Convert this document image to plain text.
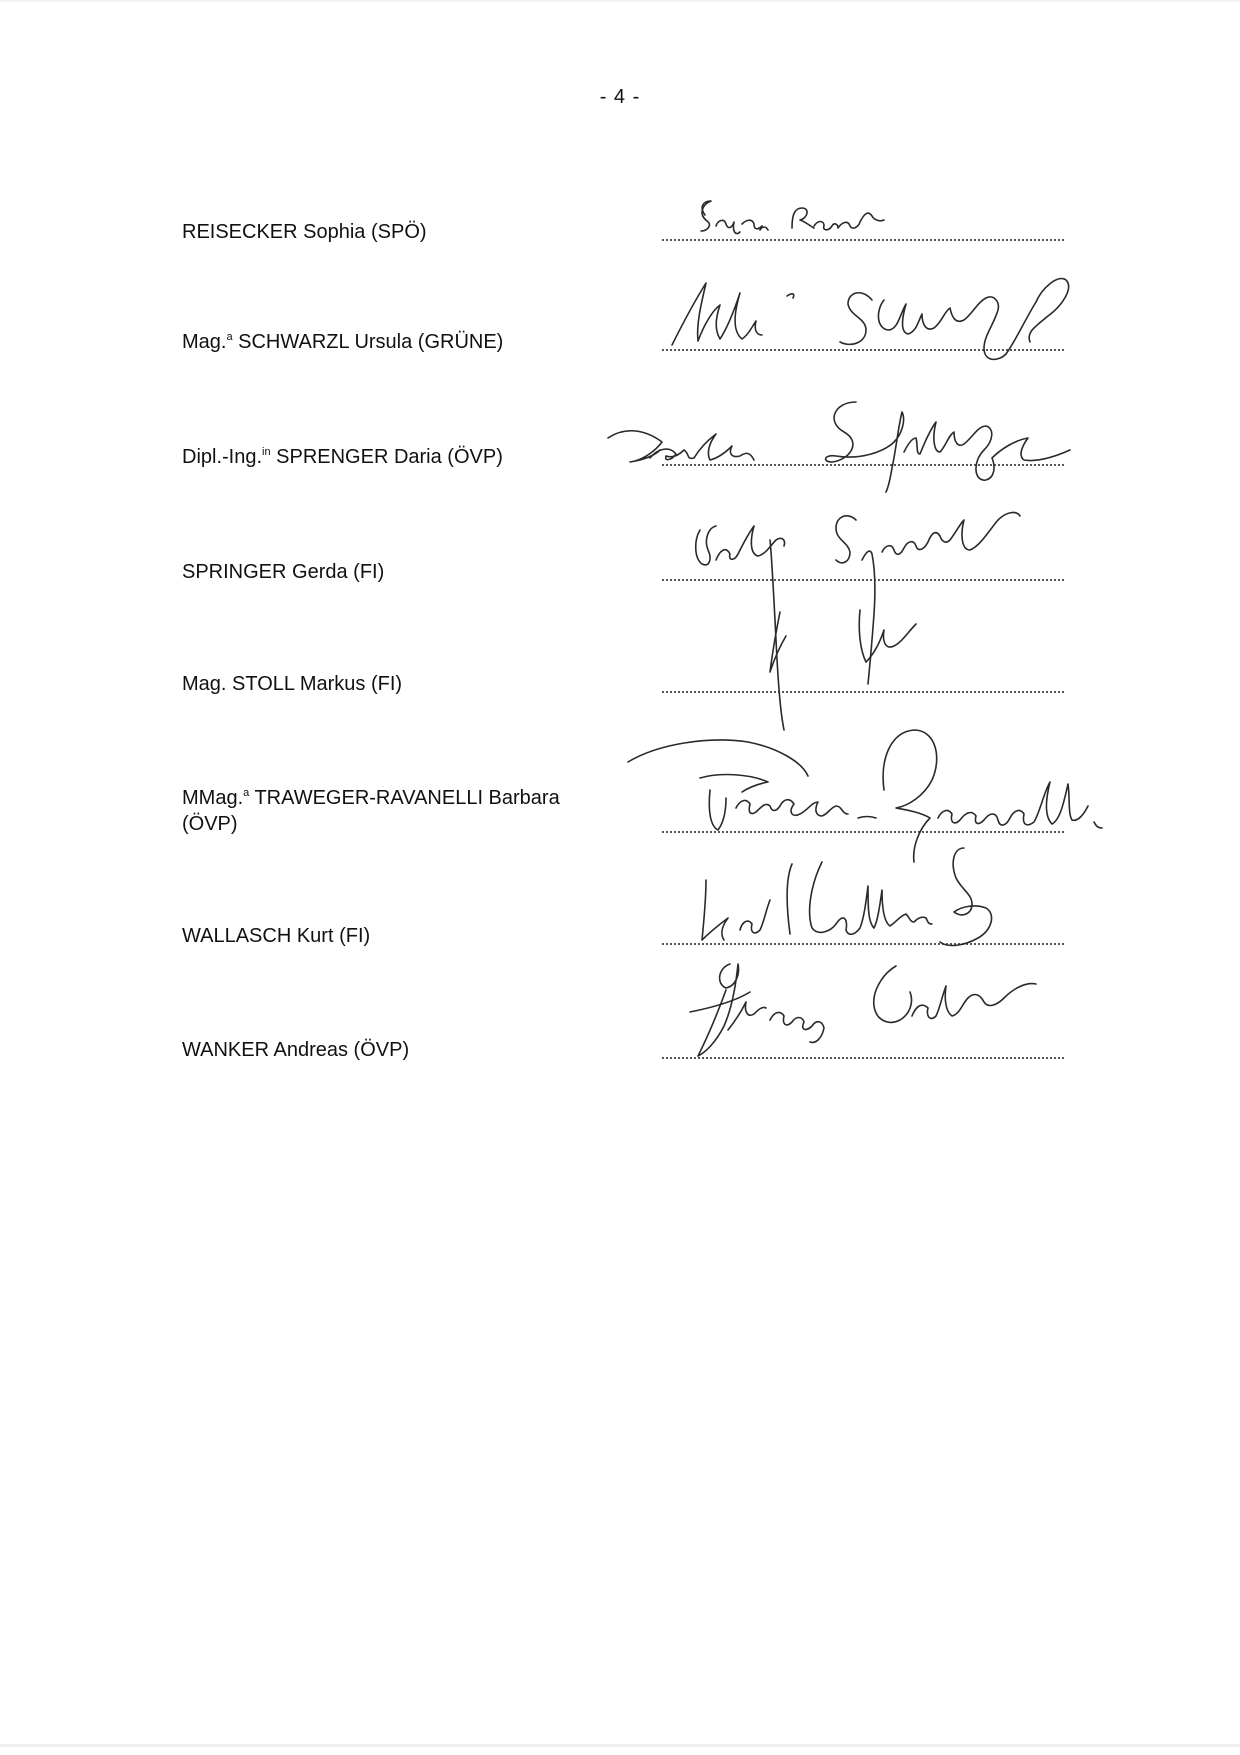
- 4 -
REISECKER Sophia (SPÖ)
Mag.$^a$ SCHWARZL Ursula (GRÜNE)
Dipl.-Ing.$^{in}$ SPRENGER Daria (ÖVP)
SPRINGER Gerda (FI)
Mag. STOLL Markus (FI)
MMag.$^a$ TRAWEGER-RAVANELLI Barbara
(ÖVP)
WALLASCH Kurt (FI)
WANKER Andreas (ÖVP)
